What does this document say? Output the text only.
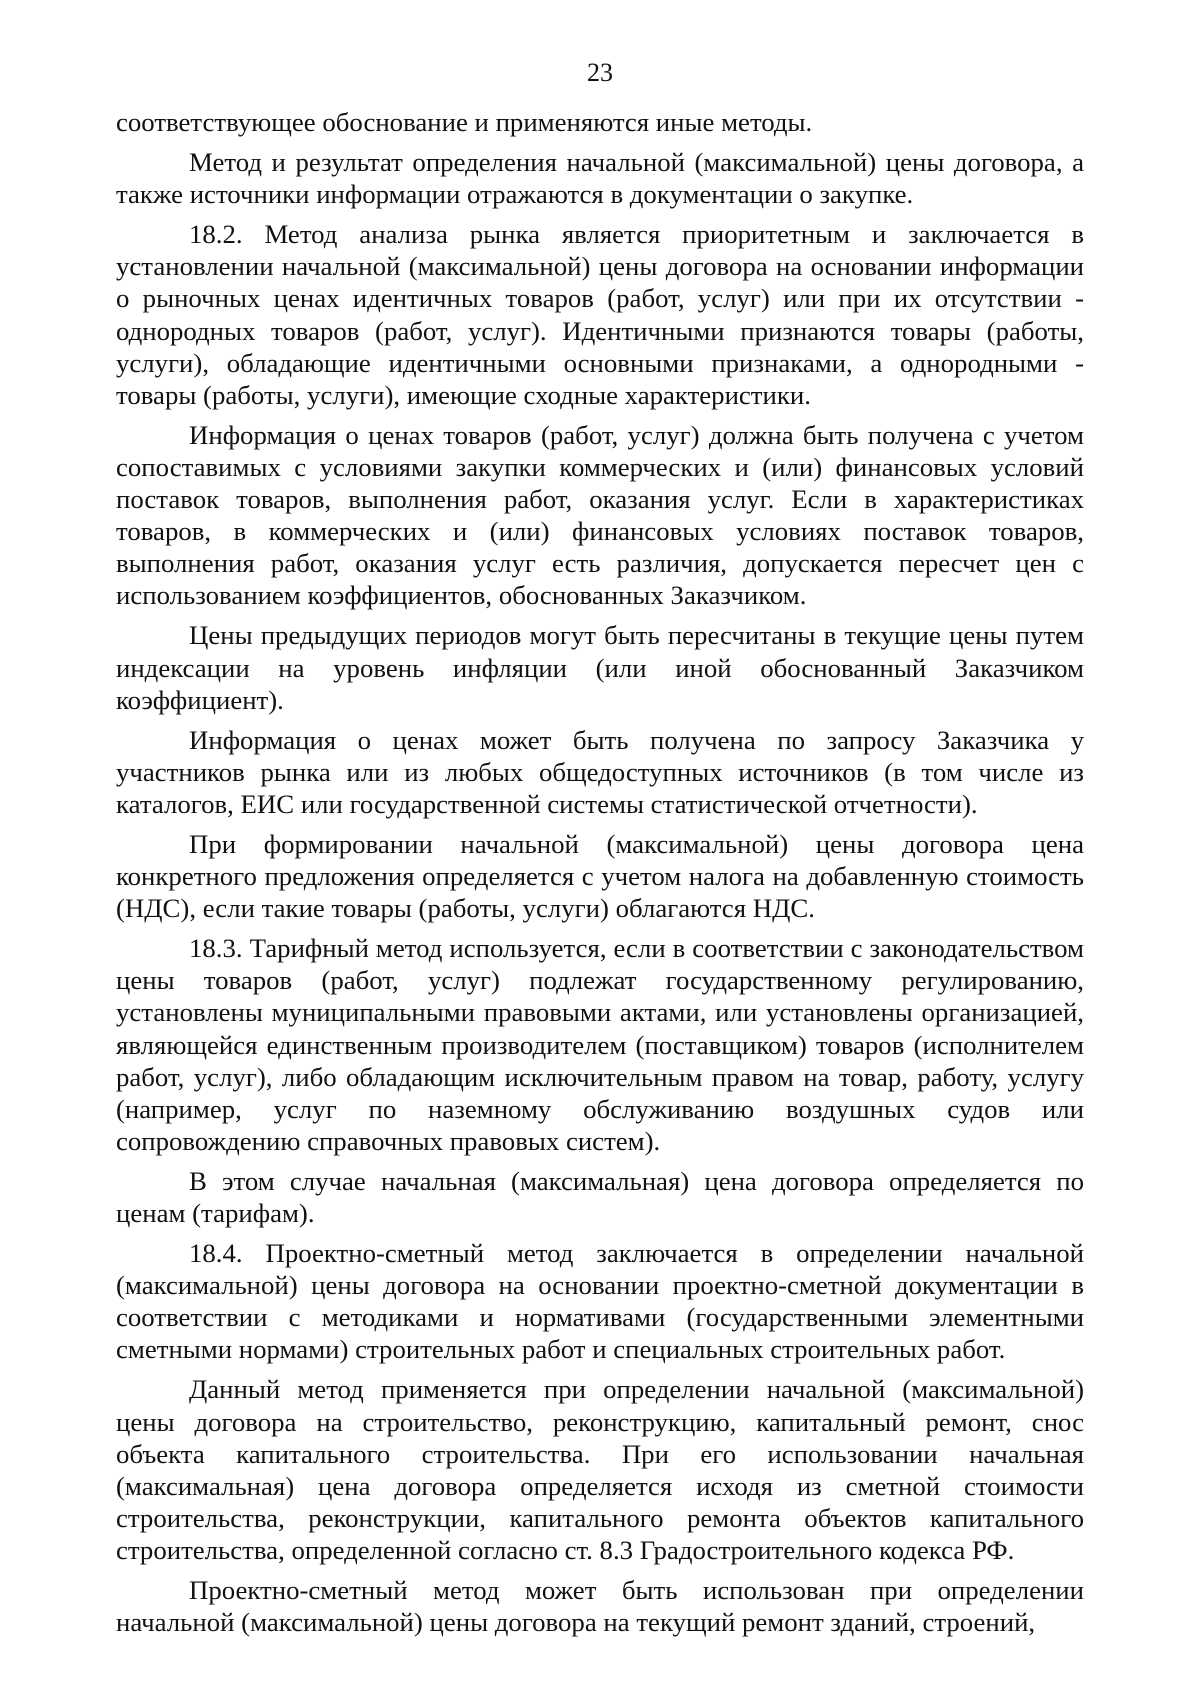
23

соответствующее обоснование и применяются иные методы.

Метод и результат определения начальной (максимальной) цены договора, а также источники информации отражаются в документации о закупке.

18.2. Метод анализа рынка является приоритетным и заключается в установлении начальной (максимальной) цены договора на основании информации о рыночных ценах идентичных товаров (работ, услуг) или при их отсутствии - однородных товаров (работ, услуг). Идентичными признаются товары (работы, услуги), обладающие идентичными основными признаками, а однородными - товары (работы, услуги), имеющие сходные характеристики.

Информация о ценах товаров (работ, услуг) должна быть получена с учетом сопоставимых с условиями закупки коммерческих и (или) финансовых условий поставок товаров, выполнения работ, оказания услуг. Если в характеристиках товаров, в коммерческих и (или) финансовых условиях поставок товаров, выполнения работ, оказания услуг есть различия, допускается пересчет цен с использованием коэффициентов, обоснованных Заказчиком.

Цены предыдущих периодов могут быть пересчитаны в текущие цены путем индексации на уровень инфляции (или иной обоснованный Заказчиком коэффициент).

Информация о ценах может быть получена по запросу Заказчика у участников рынка или из любых общедоступных источников (в том числе из каталогов, ЕИС или государственной системы статистической отчетности).

При формировании начальной (максимальной) цены договора цена конкретного предложения определяется с учетом налога на добавленную стоимость (НДС), если такие товары (работы, услуги) облагаются НДС.

18.3. Тарифный метод используется, если в соответствии с законодательством цены товаров (работ, услуг) подлежат государственному регулированию, установлены муниципальными правовыми актами, или установлены организацией, являющейся единственным производителем (поставщиком) товаров (исполнителем работ, услуг), либо обладающим исключительным правом на товар, работу, услугу (например, услуг по наземному обслуживанию воздушных судов или сопровождению справочных правовых систем).

В этом случае начальная (максимальная) цена договора определяется по ценам (тарифам).

18.4. Проектно-сметный метод заключается в определении начальной (максимальной) цены договора на основании проектно-сметной документации в соответствии с методиками и нормативами (государственными элементными сметными нормами) строительных работ и специальных строительных работ.

Данный метод применяется при определении начальной (максимальной) цены договора на строительство, реконструкцию, капитальный ремонт, снос объекта капитального строительства. При его использовании начальная (максимальная) цена договора определяется исходя из сметной стоимости строительства, реконструкции, капитального ремонта объектов капитального строительства, определенной согласно ст. 8.3 Градостроительного кодекса РФ.

Проектно-сметный метод может быть использован при определении начальной (максимальной) цены договора на текущий ремонт зданий, строений,
